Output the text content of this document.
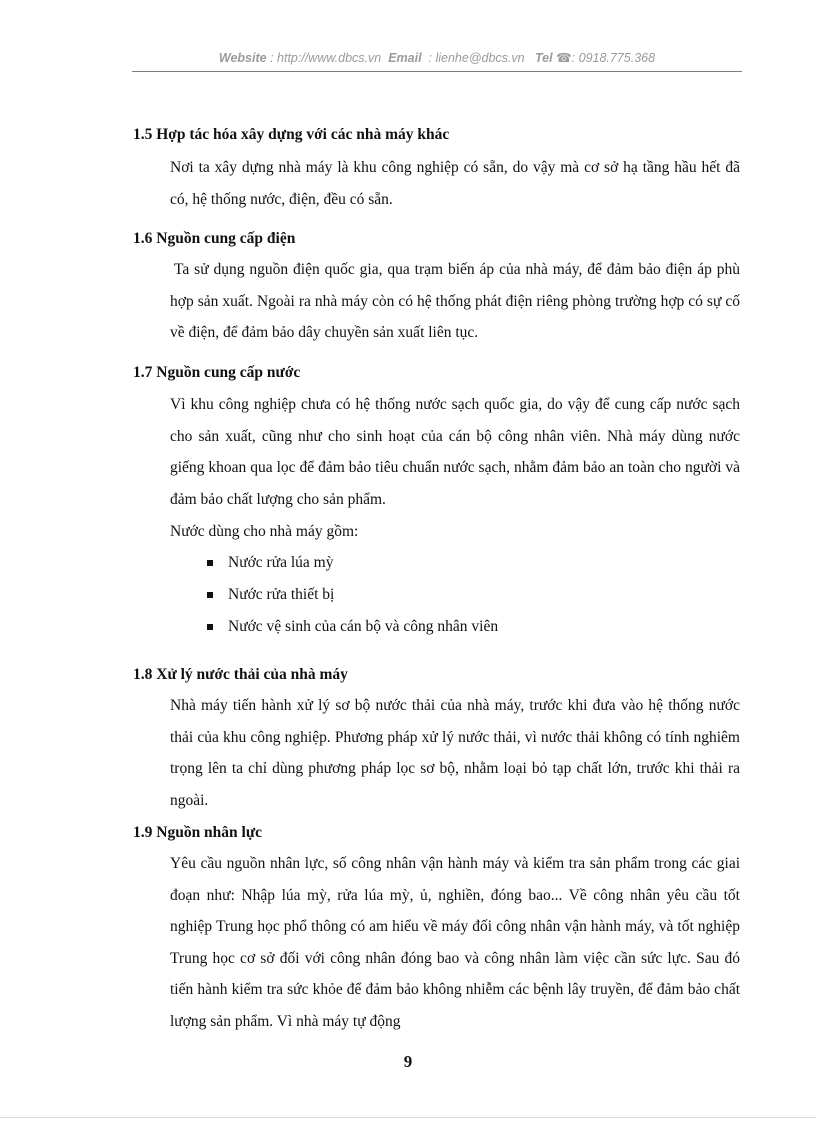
Website : http://www.dbcs.vn Email : lienhe@dbcs.vn Tel ☎: 0918.775.368
1.5 Hợp tác hóa xây dựng với các nhà máy khác
Nơi ta xây dựng nhà máy là khu công nghiệp có sẵn, do vậy mà cơ sở hạ tầng hầu hết đã có, hệ thống nước, điện, đều có sẵn.
1.6 Nguồn cung cấp điện
Ta sử dụng nguồn điện quốc gia, qua trạm biến áp của nhà máy, để đảm bảo điện áp phù hợp sản xuất. Ngoài ra nhà máy còn có hệ thống phát điện riêng phòng trường hợp có sự cố về điện, để đảm bảo dây chuyền sản xuất liên tục.
1.7 Nguồn cung cấp nước
Vì khu công nghiệp chưa có hệ thống nước sạch quốc gia, do vậy để cung cấp nước sạch cho sản xuất, cũng như cho sinh hoạt của cán bộ công nhân viên. Nhà máy dùng nước giếng khoan qua lọc để đảm bảo tiêu chuẩn nước sạch, nhằm đảm bảo an toàn cho người và đảm bảo chất lượng cho sản phẩm.
Nước dùng cho nhà máy gồm:
Nước rửa lúa mỳ
Nước rửa thiết bị
Nước vệ sinh của cán bộ và công nhân viên
1.8 Xử lý nước thải của nhà máy
Nhà máy tiến hành xử lý sơ bộ nước thải của nhà máy, trước khi đưa vào hệ thống nước thải của khu công nghiệp. Phương pháp xử lý nước thải, vì nước thải không có tính nghiêm trọng lên ta chỉ dùng phương pháp lọc sơ bộ, nhằm loại bỏ tạp chất lớn, trước khi thải ra ngoài.
1.9 Nguồn nhân lực
Yêu cầu nguồn nhân lực, số công nhân vận hành máy và kiểm tra sản phẩm trong các giai đoạn như: Nhập lúa mỳ, rửa lúa mỳ, ủ, nghiền, đóng bao... Về công nhân yêu cầu tốt nghiệp Trung học phổ thông có am hiểu về máy đối công nhân vận hành máy, và tốt nghiệp Trung học cơ sở đối với công nhân đóng bao và công nhân làm việc cần sức lực. Sau đó tiến hành kiểm tra sức khỏe để đảm bảo không nhiễm các bệnh lây truyền, để đảm bảo chất lượng sản phẩm. Vì nhà máy tự động
9
